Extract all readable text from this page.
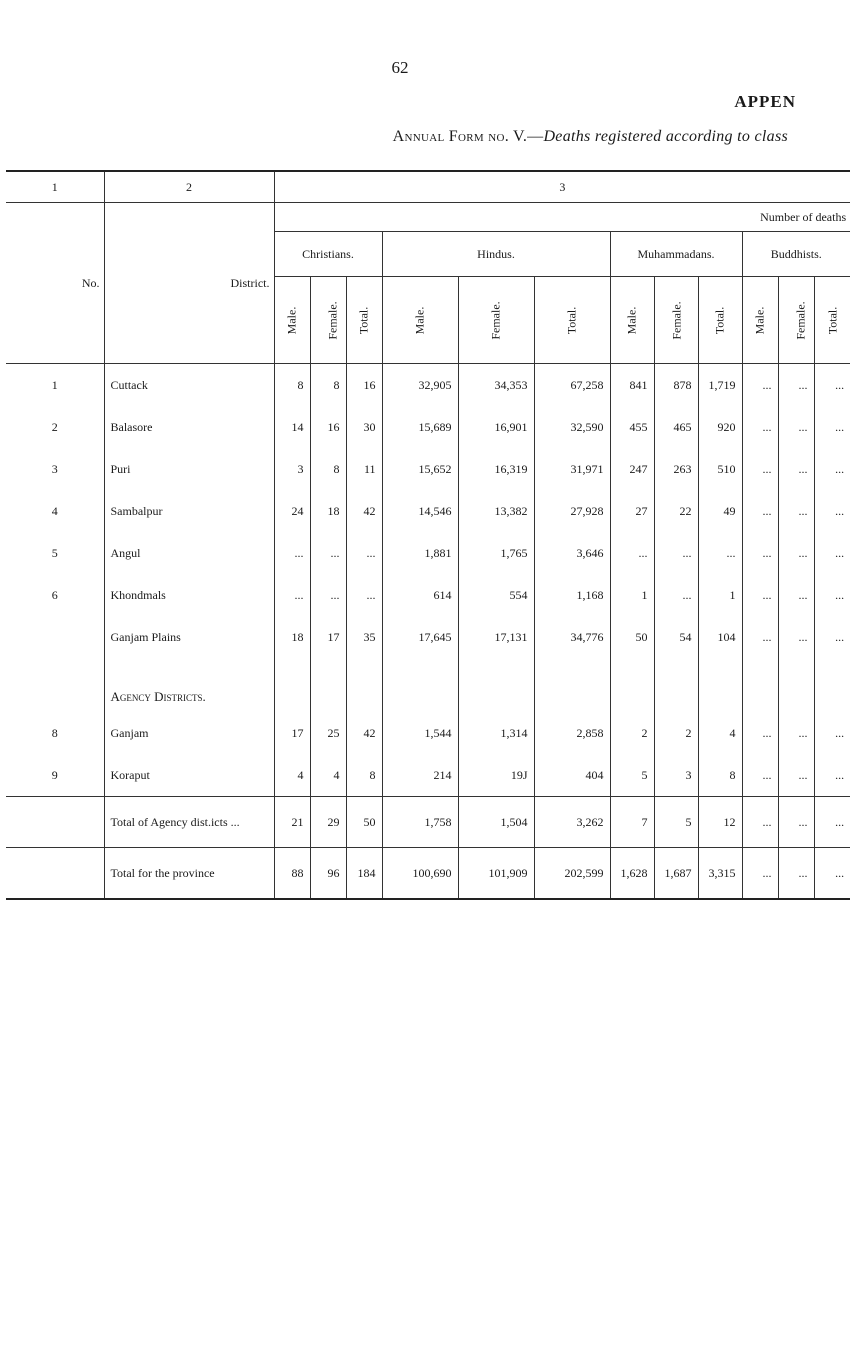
62
APPEN
Annual Form no. V.—Deaths registered according to class
1	2	3											
No.	District.	Number of deaths											
		Christians.			Hindus.			Muhammadans.			Buddhists.		
		Male.	Female.	Total.	Male.	Female.	Total.	Male.	Female.	Total.	Male.	Female.	Total.
1	Cuttack	8	8	16	32,905	34,353	67,258	841	878	1,719	...	...	...
2	Balasore	14	16	30	15,689	16,901	32,590	455	465	920	...	...	...
3	Puri	3	8	11	15,652	16,319	31,971	247	263	510	...	...	...
4	Sambalpur	24	18	42	14,546	13,382	27,928	27	22	49	...	...	...
5	Angul	...	...	...	1,881	1,765	3,646	...	...	...	...	...	...
6	Khondmals	...	...	...	614	554	1,168	1	...	1	...	...	...
	Ganjam Plains	18	17	35	17,645	17,131	34,776	50	54	104	...	...	...

	Agency Districts.												
8	Ganjam	17	25	42	1,544	1,314	2,858	2	2	4	...	...	...
9	Koraput	4	4	8	214	19J	404	5	3	8	...	...	...
	Total of Agency dist.icts ...	21	29	50	1,758	1,504	3,262	7	5	12	...	...	...
	Total for the province	88	96	184	100,690	101,909	202,599	1,628	1,687	3,315	...	...	...
